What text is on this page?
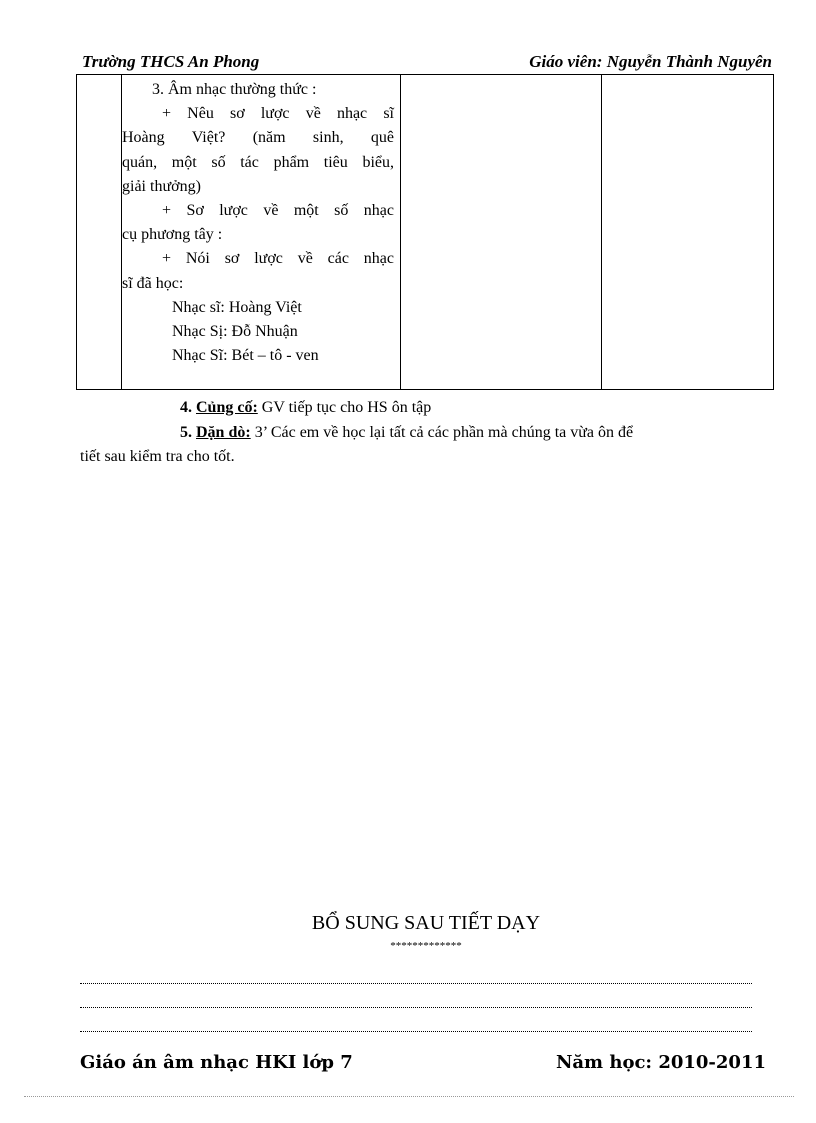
Trường THCS An Phong	Giáo viên: Nguyễn Thành Nguyên

3. Âm nhạc thường thức :

+ Nêu sơ lược về nhạc sĩ

Hoàng Việt? (năm sinh, quê

quán, một số tác phẩm tiêu biểu,

giải thưởng)

+ Sơ lược về một số nhạc

cụ phương tây :

+ Nói sơ lược về các nhạc

sĩ đã học:

Nhạc sĩ: Hoàng Việt

Nhạc Sị: Đỗ Nhuận

Nhạc Sĩ: Bét – tô - ven

4. Củng cố: GV tiếp tục cho HS ôn tập
5. Dặn dò: 3’ Các em về học lại tất cả các phần mà chúng ta vừa ôn để
tiết sau kiểm tra cho tốt.
BỔ SUNG SAU TIẾT DẠY
*************
Giáo án âm nhạc HKI lớp 7	Năm học: 2010-2011
